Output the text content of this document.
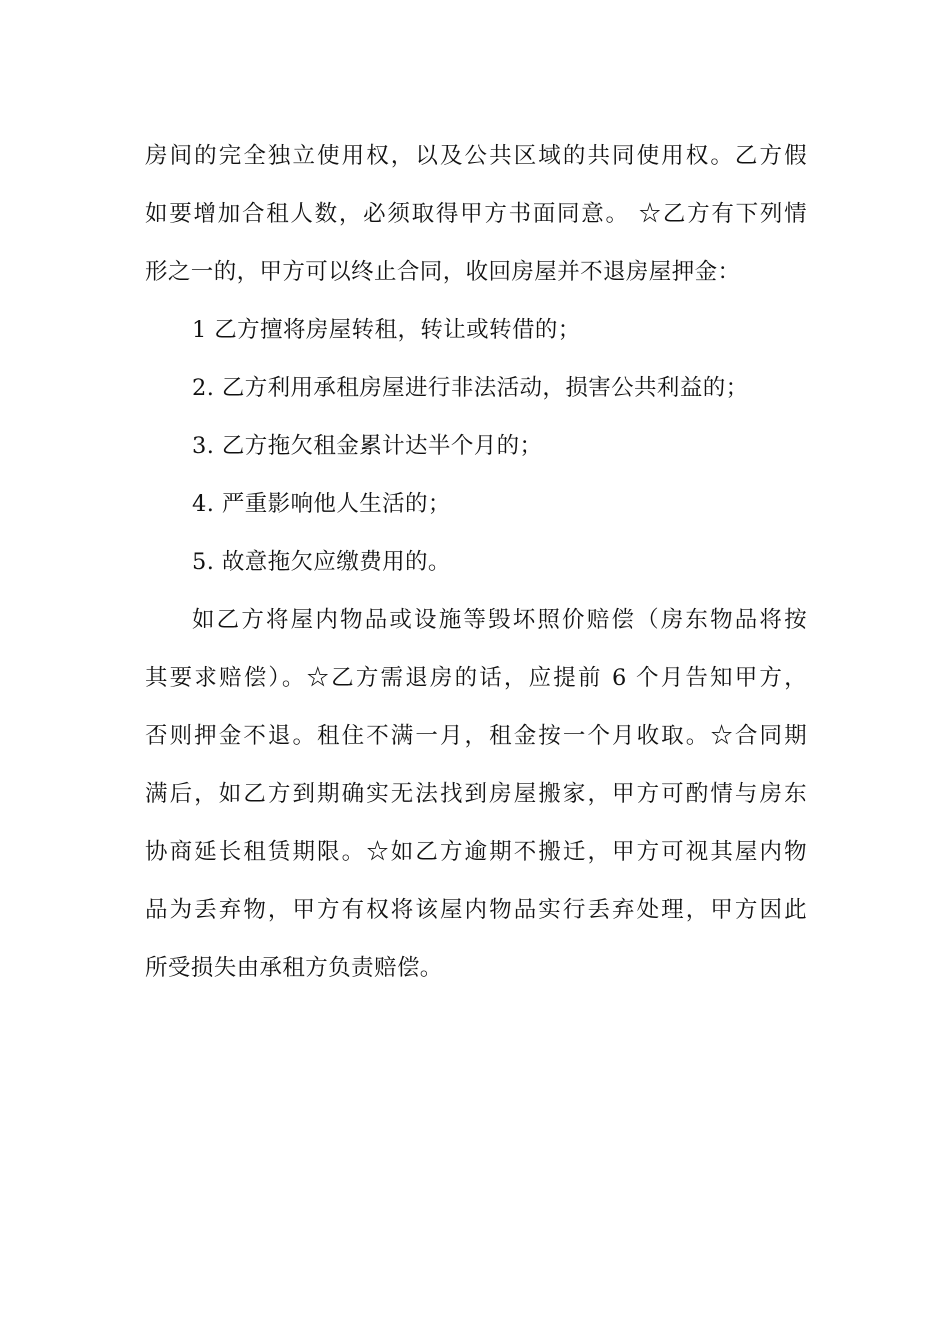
房间的完全独立使用权，以及公共区域的共同使用权。乙方假
如要增加合租人数，必须取得甲方书面同意。 ☆乙方有下列情
形之一的，甲方可以终止合同，收回房屋并不退房屋押金：
1 乙方擅将房屋转租，转让或转借的；
2. 乙方利用承租房屋进行非法活动，损害公共利益的；
3. 乙方拖欠租金累计达半个月的；
4. 严重影响他人生活的；
5. 故意拖欠应缴费用的。
如乙方将屋内物品或设施等毁坏照价赔偿（房东物品将按
其要求赔偿）。☆乙方需退房的话，应提前 6 个月告知甲方，
否则押金不退。租住不满一月，租金按一个月收取。☆合同期
满后，如乙方到期确实无法找到房屋搬家，甲方可酌情与房东
协商延长租赁期限。☆如乙方逾期不搬迁，甲方可视其屋内物
品为丢弃物，甲方有权将该屋内物品实行丢弃处理，甲方因此
所受损失由承租方负责赔偿。
